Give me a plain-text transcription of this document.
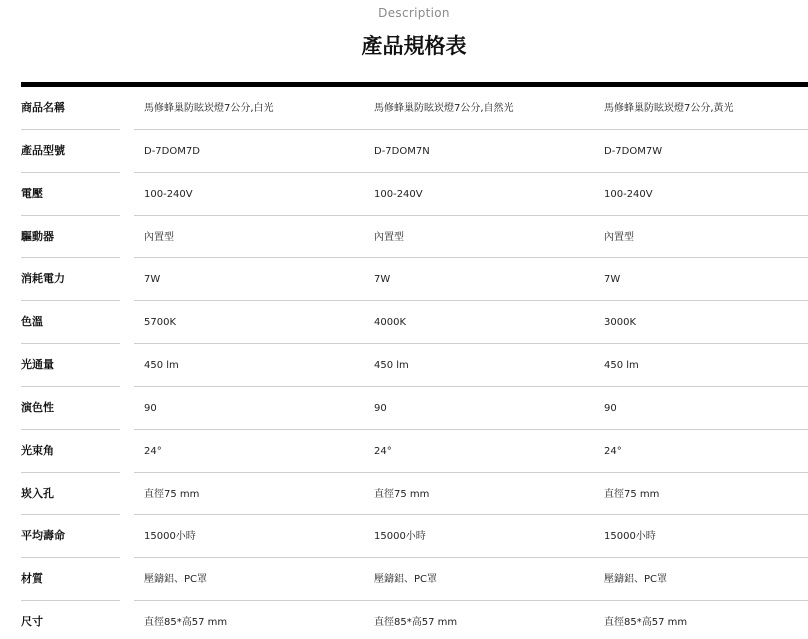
Description
產品規格表
商品名稱	馬修蜂巢防眩崁燈7公分,白光	馬修蜂巢防眩崁燈7公分,自然光	馬修蜂巢防眩崁燈7公分,黃光
產品型號	D-7DOM7D	D-7DOM7N	D-7DOM7W
電壓	100-240V	100-240V	100-240V
驅動器	內置型	內置型	內置型
消耗電力	7W	7W	7W
色溫	5700K	4000K	3000K
光通量	450 lm	450 lm	450 lm
演色性	90	90	90
光束角	24°	24°	24°
崁入孔	直徑75 mm	直徑75 mm	直徑75 mm
平均壽命	15000小時	15000小時	15000小時
材質	壓鑄鋁、PC罩	壓鑄鋁、PC罩	壓鑄鋁、PC罩
尺寸	直徑85*高57 mm	直徑85*高57 mm	直徑85*高57 mm
